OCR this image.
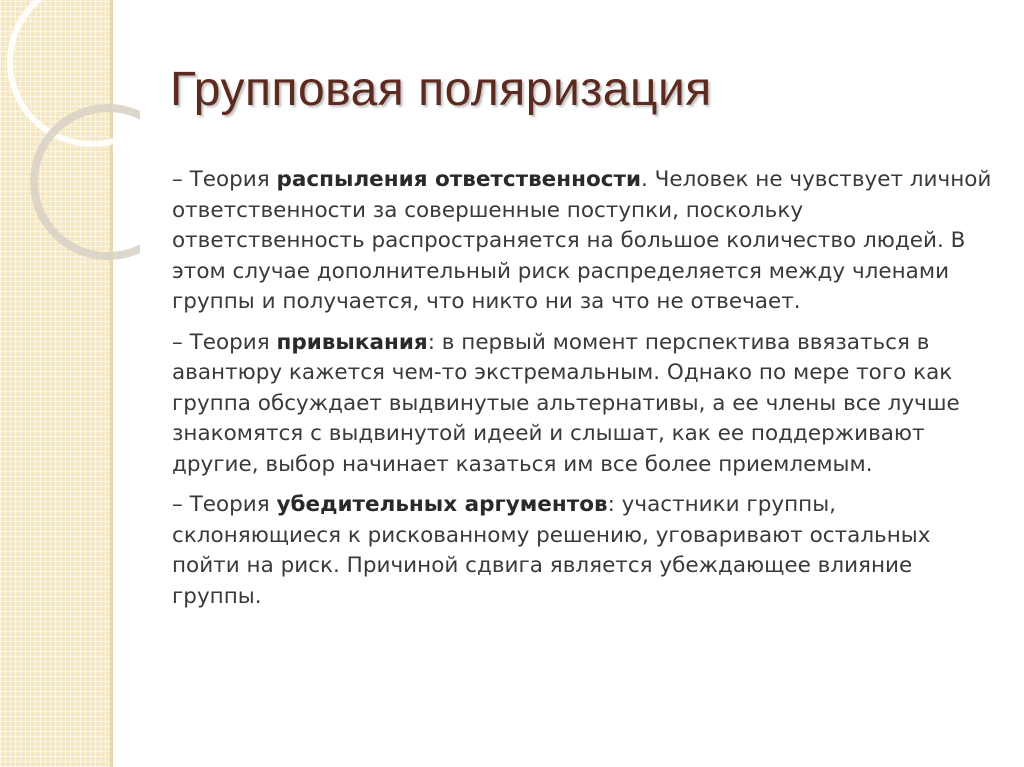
Групповая поляризация

– Теория распыления ответственности. Человек не чувствует личной ответственности за совершенные поступки, поскольку ответственность распространяется на большое количество людей. В этом случае дополнительный риск распределяется между членами группы и получается, что никто ни за что не отвечает.

– Теория привыкания: в первый момент перспектива ввязаться в авантюру кажется чем-то экстремальным. Однако по мере того как группа обсуждает выдвинутые альтернативы, а ее члены все лучше знакомятся с выдвинутой идеей и слышат, как ее поддерживают другие, выбор начинает казаться им все более приемлемым.

– Теория убедительных аргументов: участники группы, склоняющиеся к рискованному решению, уговаривают остальных пойти на риск. Причиной сдвига является убеждающее влияние группы.
